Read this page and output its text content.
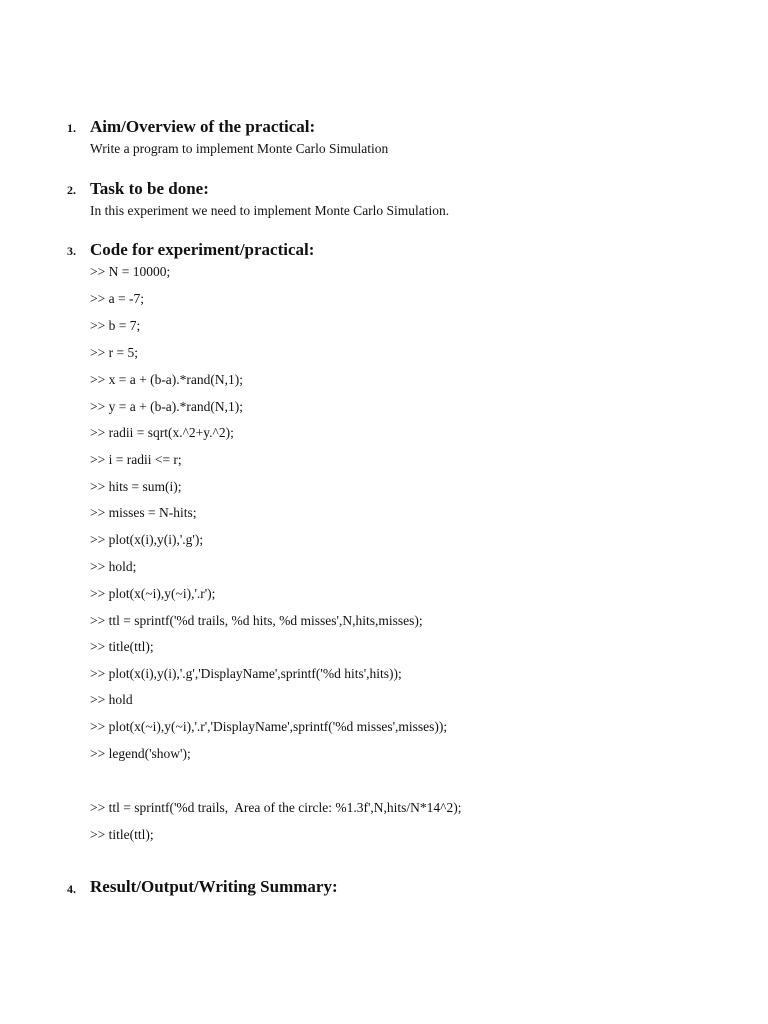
1. Aim/Overview of the practical:
Write a program to implement Monte Carlo Simulation
2. Task to be done:
In this experiment we need to implement Monte Carlo Simulation.
3. Code for experiment/practical:
>> N = 10000;
>> a = -7;
>> b = 7;
>> r = 5;
>> x = a + (b-a).*rand(N,1);
>> y = a + (b-a).*rand(N,1);
>> radii = sqrt(x.^2+y.^2);
>> i = radii <= r;
>> hits = sum(i);
>> misses = N-hits;
>> plot(x(i),y(i),'.g');
>> hold;
>> plot(x(~i),y(~i),'.r');
>> ttl = sprintf('%d trails, %d hits, %d misses',N,hits,misses);
>> title(ttl);
>> plot(x(i),y(i),'.g','DisplayName',sprintf('%d hits',hits));
>> hold
>> plot(x(~i),y(~i),'.r','DisplayName',sprintf('%d misses',misses));
>> legend('show');
>> ttl = sprintf('%d trails,  Area of the circle: %1.3f',N,hits/N*14^2);
>> title(ttl);
4. Result/Output/Writing Summary:
